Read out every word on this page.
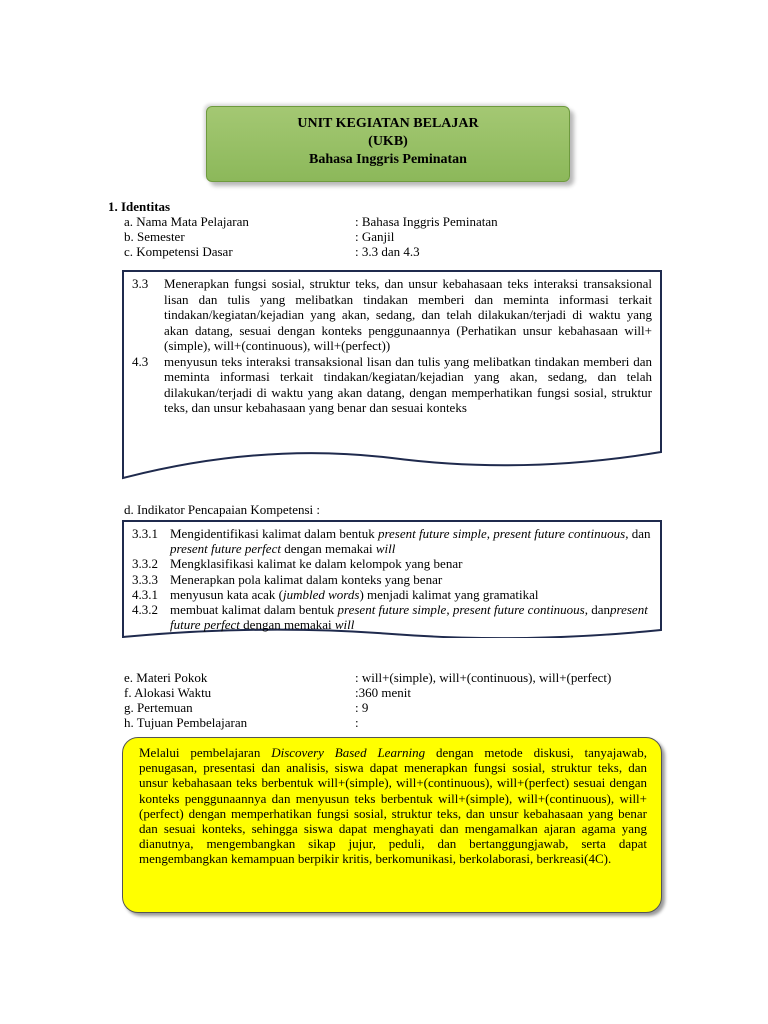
UNIT KEGIATAN BELAJAR
(UKB)
Bahasa Inggris Peminatan
1. Identitas
a. Nama Mata Pelajaran	: Bahasa Inggris Peminatan
b. Semester	: Ganjil
c. Kompetensi Dasar	: 3.3 dan 4.3
3.3 Menerapkan fungsi sosial, struktur teks, dan unsur kebahasaan teks interaksi transaksional lisan dan tulis yang melibatkan tindakan memberi dan meminta informasi terkait tindakan/kegiatan/kejadian yang akan, sedang, dan telah dilakukan/terjadi di waktu yang akan datang, sesuai dengan konteks penggunaannya (Perhatikan unsur kebahasaan will+(simple), will+(continuous), will+(perfect))
4.3 menyusun teks interaksi transaksional lisan dan tulis yang melibatkan tindakan memberi dan meminta informasi terkait tindakan/kegiatan/kejadian yang akan, sedang, dan telah dilakukan/terjadi di waktu yang akan datang, dengan memperhatikan fungsi sosial, struktur teks, dan unsur kebahasaan yang benar dan sesuai konteks
d. Indikator Pencapaian Kompetensi :
3.3.1 Mengidentifikasi kalimat dalam bentuk present future simple, present future continuous, dan present future perfect dengan memakai will
3.3.2 Mengklasifikasi kalimat ke dalam kelompok yang benar
3.3.3 Menerapkan pola kalimat dalam konteks yang benar
4.3.1 menyusun kata acak (jumbled words) menjadi kalimat yang gramatikal
4.3.2 membuat kalimat dalam bentuk present future simple, present future continuous, danpresent future perfect dengan memakai will
e. Materi Pokok	: will+(simple), will+(continuous), will+(perfect)
f. Alokasi Waktu	:360 menit
g. Pertemuan	: 9
h. Tujuan Pembelajaran	:
Melalui pembelajaran Discovery Based Learning dengan metode diskusi, tanyajawab, penugasan, presentasi dan analisis, siswa dapat menerapkan fungsi sosial, struktur teks, dan unsur kebahasaan teks berbentuk will+(simple), will+(continuous), will+(perfect) sesuai dengan konteks penggunaannya dan menyusun teks berbentuk will+(simple), will+(continuous), will+(perfect) dengan memperhatikan fungsi sosial, struktur teks, dan unsur kebahasaan yang benar dan sesuai konteks, sehingga siswa dapat menghayati dan mengamalkan ajaran agama yang dianutnya, mengembangkan sikap jujur, peduli, dan bertanggungjawab, serta dapat mengembangkan kemampuan berpikir kritis, berkomunikasi, berkolaborasi, berkreasi(4C).
